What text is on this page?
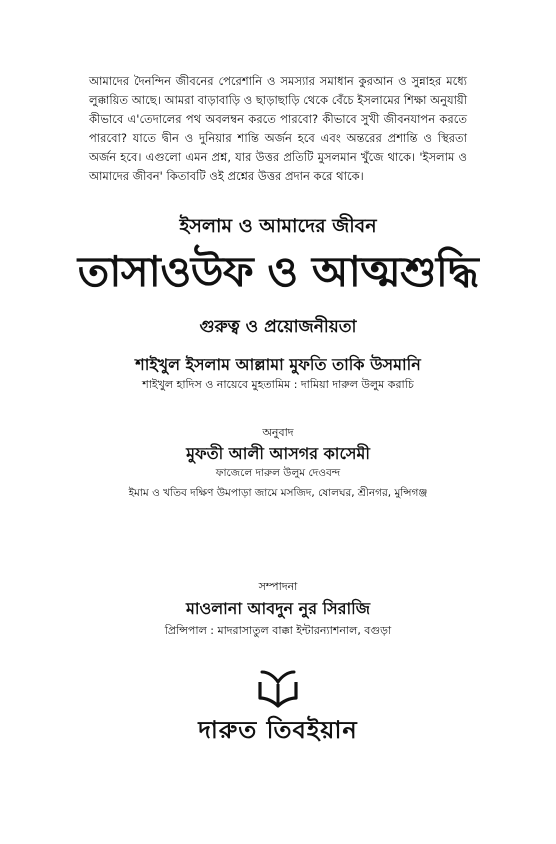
আমাদের দৈনন্দিন জীবনের পেরেশানি ও সমস্যার সমাধান কুরআন ও সুন্নাহর মধ্যে লুক্কায়িত আছে। আমরা বাড়াবাড়ি ও ছাড়াছাড়ি থেকে বেঁচে ইসলামের শিক্ষা অনুযায়ী কীভাবে এ'তেদালের পথ অবলম্বন করতে পারবো? কীভাবে সুখী জীবনযাপন করতে পারবো? যাতে দ্বীন ও দুনিয়ার শান্তি অর্জন হবে এবং অন্তরের প্রশান্তি ও স্থিরতা অর্জন হবে। এগুলো এমন প্রশ্ন, যার উত্তর প্রতিটি মুসলমান খুঁজে থাকে। 'ইসলাম ও আমাদের জীবন' কিতাবটি ওই প্রশ্নের উত্তর প্রদান করে থাকে।

ইসলাম ও আমাদের জীবন

তাসাওউফ ও আত্মশুদ্ধি

গুরুত্ব ও প্রয়োজনীয়তা

শাইখুল ইসলাম আল্লামা মুফতি তাকি উসমানি

শাইখুল হাদিস ও নায়েবে মুহতামিম : দামিয়া দারুল উলুম করাচি

অনুবাদ

মুফতী আলী আসগর কাসেমী

ফাজেলে দারুল উলুম দেওবন্দ

ইমাম ও খতিব দক্ষিণ উমপাড়া জামে মসজিদ, ষোলঘর, শ্রীনগর, মুন্সিগঞ্জ

সম্পাদনা

মাওলানা আবদুন নুর সিরাজি

প্রিন্সিপাল : মাদরাসাতুল বাক্কা ইন্টারন্যাশনাল, বগুড়া

দারুত তিবইয়ান
